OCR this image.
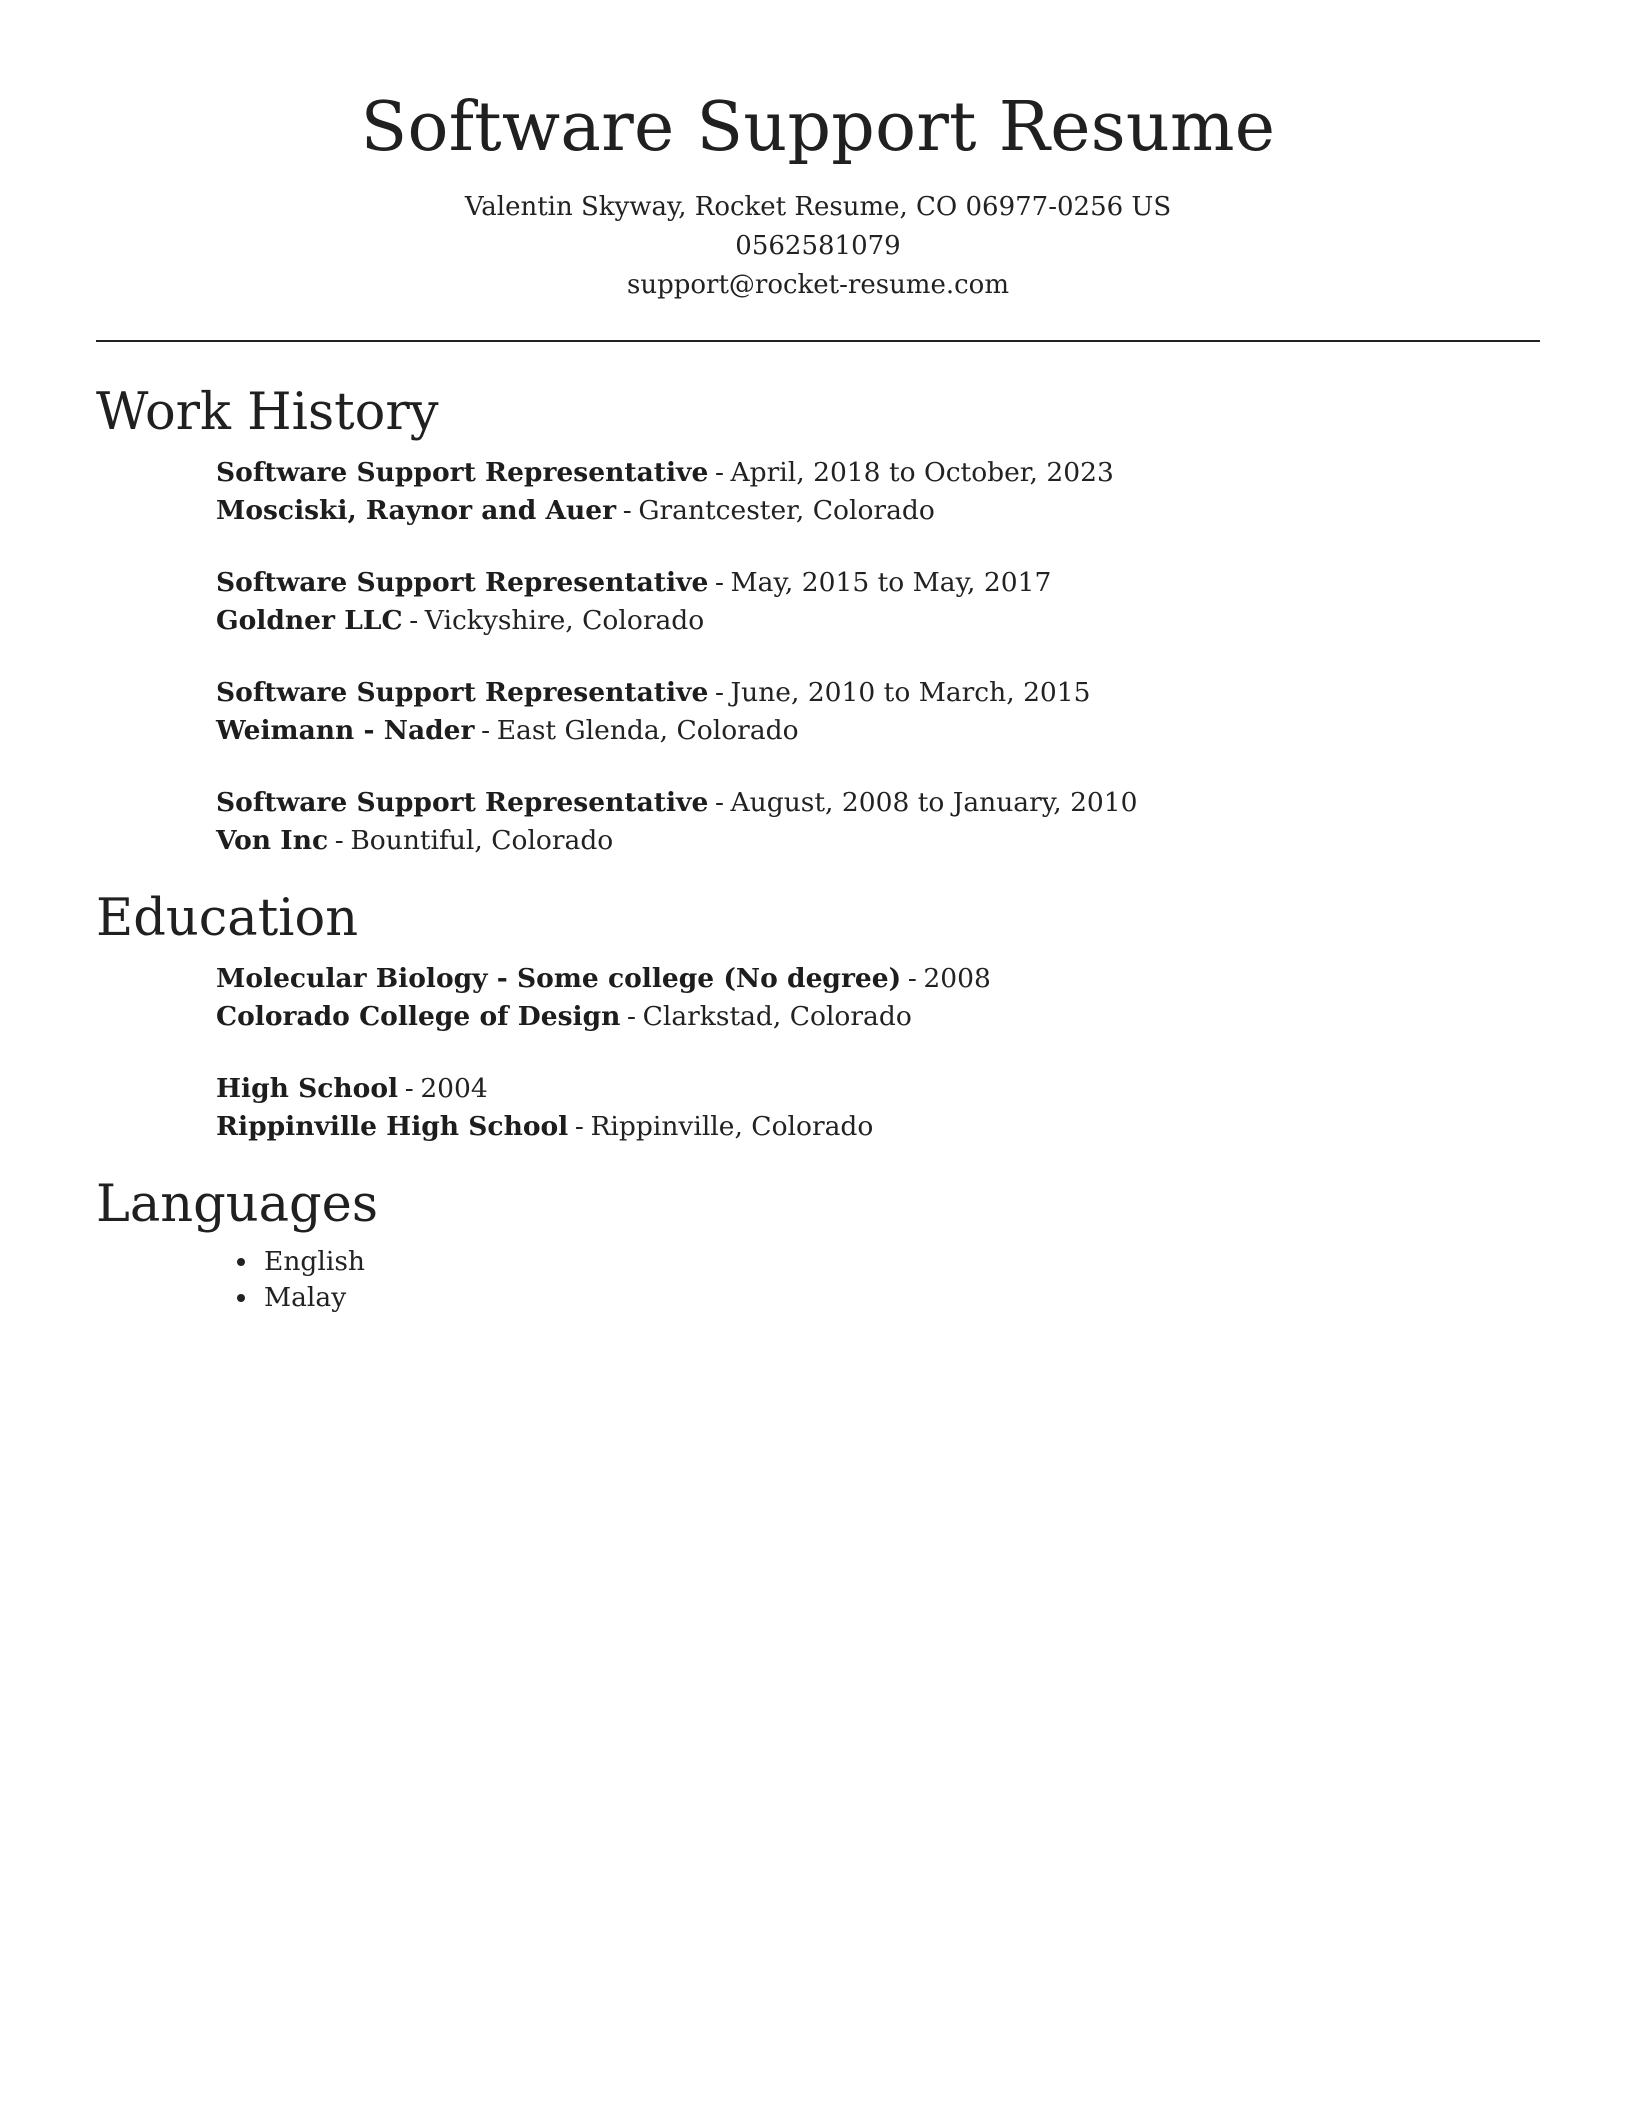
Software Support Resume
Valentin Skyway, Rocket Resume, CO 06977-0256 US
0562581079
support@rocket-resume.com
Work History
Software Support Representative - April, 2018 to October, 2023
Mosciski, Raynor and Auer - Grantcester, Colorado
Software Support Representative - May, 2015 to May, 2017
Goldner LLC - Vickyshire, Colorado
Software Support Representative - June, 2010 to March, 2015
Weimann - Nader - East Glenda, Colorado
Software Support Representative - August, 2008 to January, 2010
Von Inc - Bountiful, Colorado
Education
Molecular Biology - Some college (No degree) - 2008
Colorado College of Design - Clarkstad, Colorado
High School - 2004
Rippinville High School - Rippinville, Colorado
Languages
• English
• Malay
